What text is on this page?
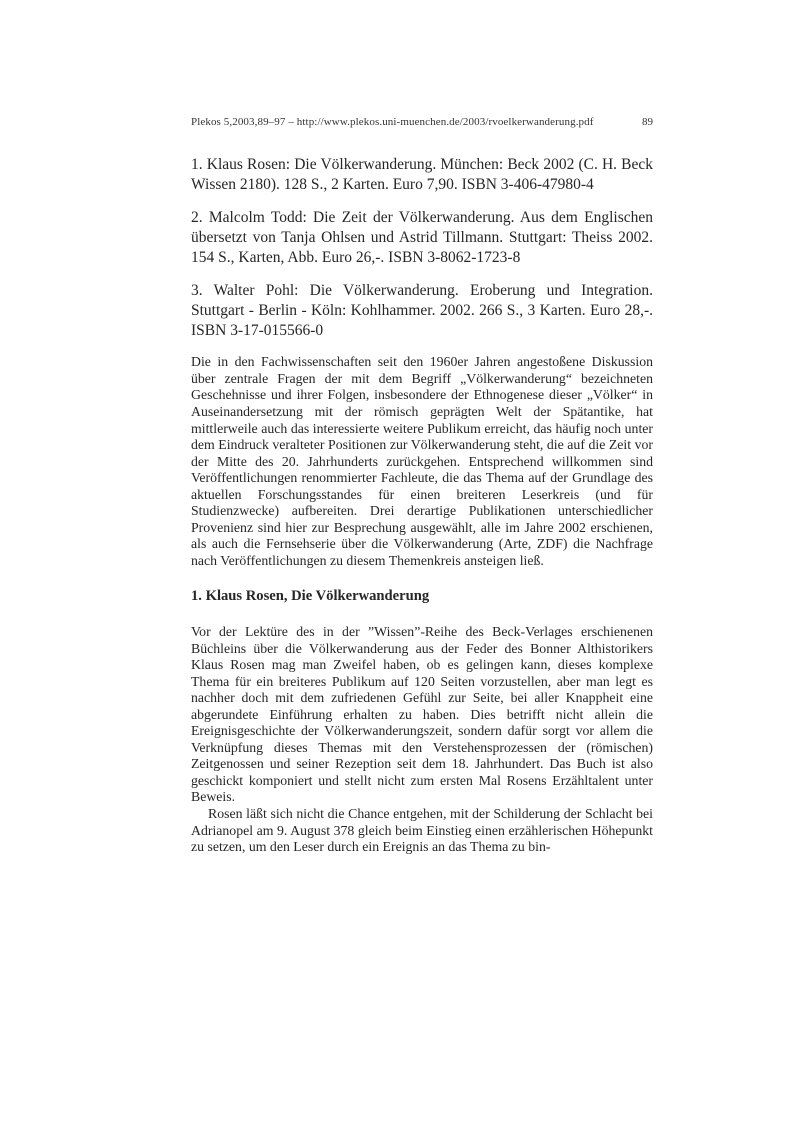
Plekos 5,2003,89–97 – http://www.plekos.uni-muenchen.de/2003/rvoelkerwanderung.pdf	89

1. Klaus Rosen: Die Völkerwanderung. München: Beck 2002 (C. H. Beck Wissen 2180). 128 S., 2 Karten. Euro 7,90. ISBN 3-406-47980-4

2. Malcolm Todd: Die Zeit der Völkerwanderung. Aus dem Englischen übersetzt von Tanja Ohlsen und Astrid Tillmann. Stuttgart: Theiss 2002. 154 S., Karten, Abb. Euro 26,-. ISBN 3-8062-1723-8

3. Walter Pohl: Die Völkerwanderung. Eroberung und Integration. Stuttgart - Berlin - Köln: Kohlhammer. 2002. 266 S., 3 Karten. Euro 28,-. ISBN 3-17-015566-0

Die in den Fachwissenschaften seit den 1960er Jahren angestoßene Diskussion über zentrale Fragen der mit dem Begriff „Völkerwanderung“ bezeichneten Geschehnisse und ihrer Folgen, insbesondere der Ethnogenese dieser „Völker“ in Auseinandersetzung mit der römisch geprägten Welt der Spätantike, hat mittlerweile auch das interessierte weitere Publikum erreicht, das häufig noch unter dem Eindruck veralteter Positionen zur Völkerwanderung steht, die auf die Zeit vor der Mitte des 20. Jahrhunderts zurückgehen. Entsprechend willkommen sind Veröffentlichungen renommierter Fachleute, die das Thema auf der Grundlage des aktuellen Forschungsstandes für einen breiteren Leserkreis (und für Studienzwecke) aufbereiten. Drei derartige Publikationen unterschiedlicher Provenienz sind hier zur Besprechung ausgewählt, alle im Jahre 2002 erschienen, als auch die Fernsehserie über die Völkerwanderung (Arte, ZDF) die Nachfrage nach Veröffentlichungen zu diesem Themenkreis ansteigen ließ.

1. Klaus Rosen, Die Völkerwanderung

Vor der Lektüre des in der ”Wissen”-Reihe des Beck-Verlages erschienenen Büchleins über die Völkerwanderung aus der Feder des Bonner Althistorikers Klaus Rosen mag man Zweifel haben, ob es gelingen kann, dieses komplexe Thema für ein breiteres Publikum auf 120 Seiten vorzustellen, aber man legt es nachher doch mit dem zufriedenen Gefühl zur Seite, bei aller Knappheit eine abgerundete Einführung erhalten zu haben. Dies betrifft nicht allein die Ereignisgeschichte der Völkerwanderungszeit, sondern dafür sorgt vor allem die Verknüpfung dieses Themas mit den Verstehensprozessen der (römischen) Zeitgenossen und seiner Rezeption seit dem 18. Jahrhundert. Das Buch ist also geschickt komponiert und stellt nicht zum ersten Mal Rosens Erzähltalent unter Beweis.

Rosen läßt sich nicht die Chance entgehen, mit der Schilderung der Schlacht bei Adrianopel am 9. August 378 gleich beim Einstieg einen erzählerischen Höhepunkt zu setzen, um den Leser durch ein Ereignis an das Thema zu bin-
